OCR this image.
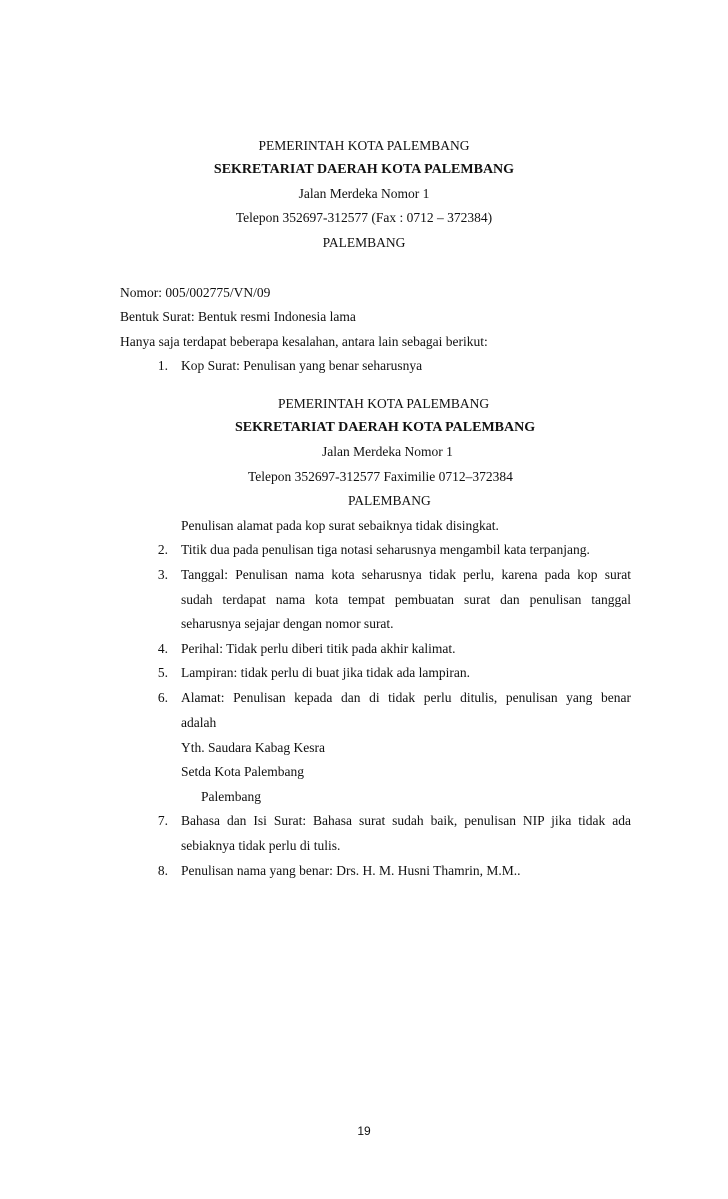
PEMERINTAH KOTA PALEMBANG
SEKRETARIAT DAERAH KOTA PALEMBANG
Jalan Merdeka Nomor 1
Telepon 352697-312577 (Fax : 0712 – 372384)
PALEMBANG
Nomor: 005/002775/VN/09
Bentuk Surat: Bentuk resmi Indonesia lama
Hanya saja terdapat beberapa kesalahan, antara lain sebagai berikut:
1. Kop Surat: Penulisan yang benar seharusnya
PEMERINTAH KOTA PALEMBANG
SEKRETARIAT DAERAH KOTA PALEMBANG
Jalan Merdeka Nomor 1
Telepon 352697-312577 Faximilie 0712–372384
PALEMBANG
Penulisan alamat pada kop surat sebaiknya tidak disingkat.
2. Titik dua pada penulisan tiga notasi seharusnya mengambil kata terpanjang.
3. Tanggal: Penulisan nama kota seharusnya tidak perlu, karena pada kop surat
sudah terdapat nama kota tempat pembuatan surat dan penulisan tanggal
seharusnya sejajar dengan nomor surat.
4. Perihal: Tidak perlu diberi titik pada akhir kalimat.
5. Lampiran: tidak perlu di buat jika tidak ada lampiran.
6. Alamat: Penulisan kepada dan di tidak perlu ditulis, penulisan yang benar
adalah
Yth. Saudara Kabag Kesra
Setda Kota Palembang
Palembang
7. Bahasa dan Isi Surat: Bahasa surat sudah baik, penulisan NIP jika tidak ada
sebiaknya tidak perlu di tulis.
8. Penulisan nama yang benar: Drs. H. M. Husni Thamrin, M.M..
19
